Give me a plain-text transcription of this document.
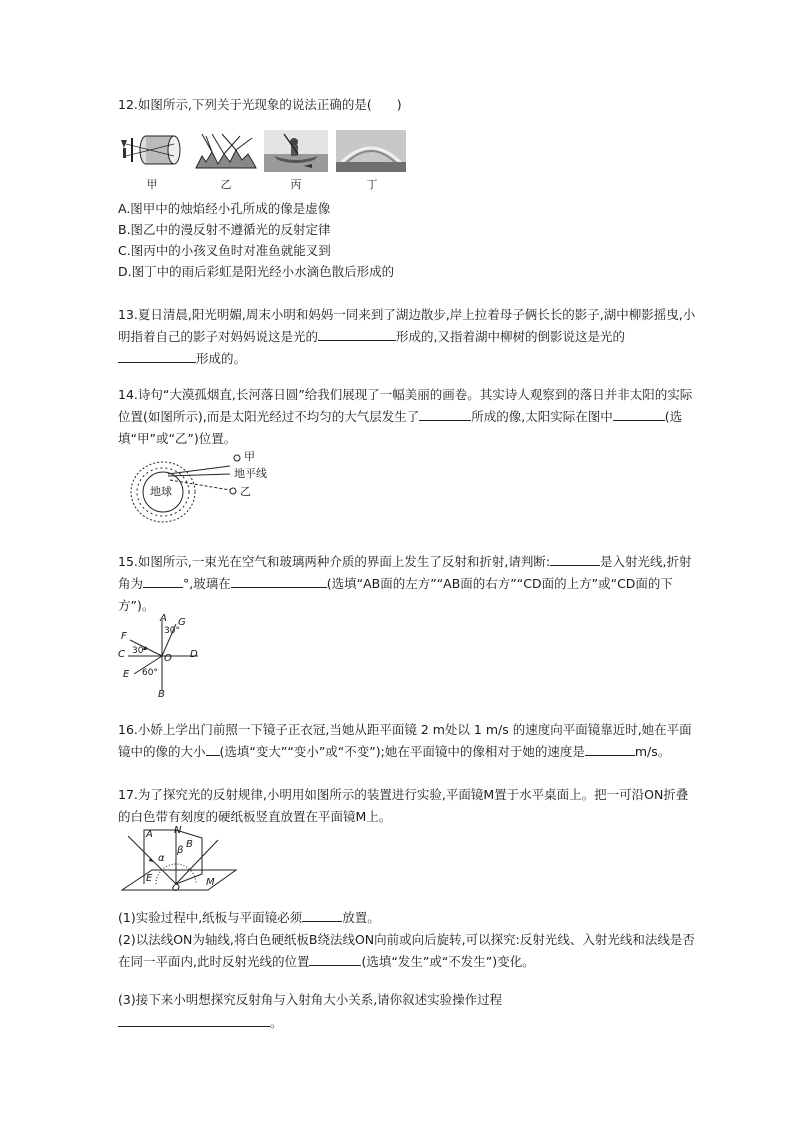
12.如图所示,下列关于光现象的说法正确的是(　　)
甲	乙	丙	丁
A.图甲中的烛焰经小孔所成的像是虚像
B.图乙中的漫反射不遵循光的反射定律
C.图丙中的小孩叉鱼时对准鱼就能叉到
D.图丁中的雨后彩虹是阳光经小水滴色散后形成的
13.夏日清晨,阳光明媚,周末小明和妈妈一同来到了湖边散步,岸上拉着母子俩长长的影子,湖中柳影摇曳,小明指着自己的影子对妈妈说这是光的	形成的,又指着湖中柳树的倒影说这是光的形成的。
14.诗句“大漠孤烟直,长河落日圆”给我们展现了一幅美丽的画卷。其实诗人观察到的落日并非太阳的实际位置(如图所示),而是太阳光经过不均匀的大气层发生了	所成的像,太阳实际在图中	(选填“甲”或“乙”)位置。
地球
甲
地平线
乙
15.如图所示,一束光在空气和玻璃两种介质的界面上发生了反射和折射,请判断:	是入射光线,折射角为	°,玻璃在	(选填“AB面的左方”“AB面的右方”“CD面的上方”或“CD面的下方”)。
A G
30°
F
30°
C	O D
E 60°
B
16.小娇上学出门前照一下镜子正衣冠,当她从距平面镜 2 m处以 1 m/s 的速度向平面镜靠近时,她在平面镜中的像的大小 (选填“变大”“变小”或“不变”);她在平面镜中的像相对于她的速度是	m/s。
17.为了探究光的反射规律,小明用如图所示的装置进行实验,平面镜M置于水平桌面上。把一可沿ON折叠的白色带有刻度的硬纸板竖直放置在平面镜M上。
A N
B
α
β
E
O
M
(1)实验过程中,纸板与平面镜必须	放置。
(2)以法线ON为轴线,将白色硬纸板B绕法线ON向前或向后旋转,可以探究:反射光线、入射光线和法线是否在同一平面内,此时反射光线的位置	(选填“发生”或“不发生”)变化。
(3)接下来小明想探究反射角与入射角大小关系,请你叙述实验操作过程
。
